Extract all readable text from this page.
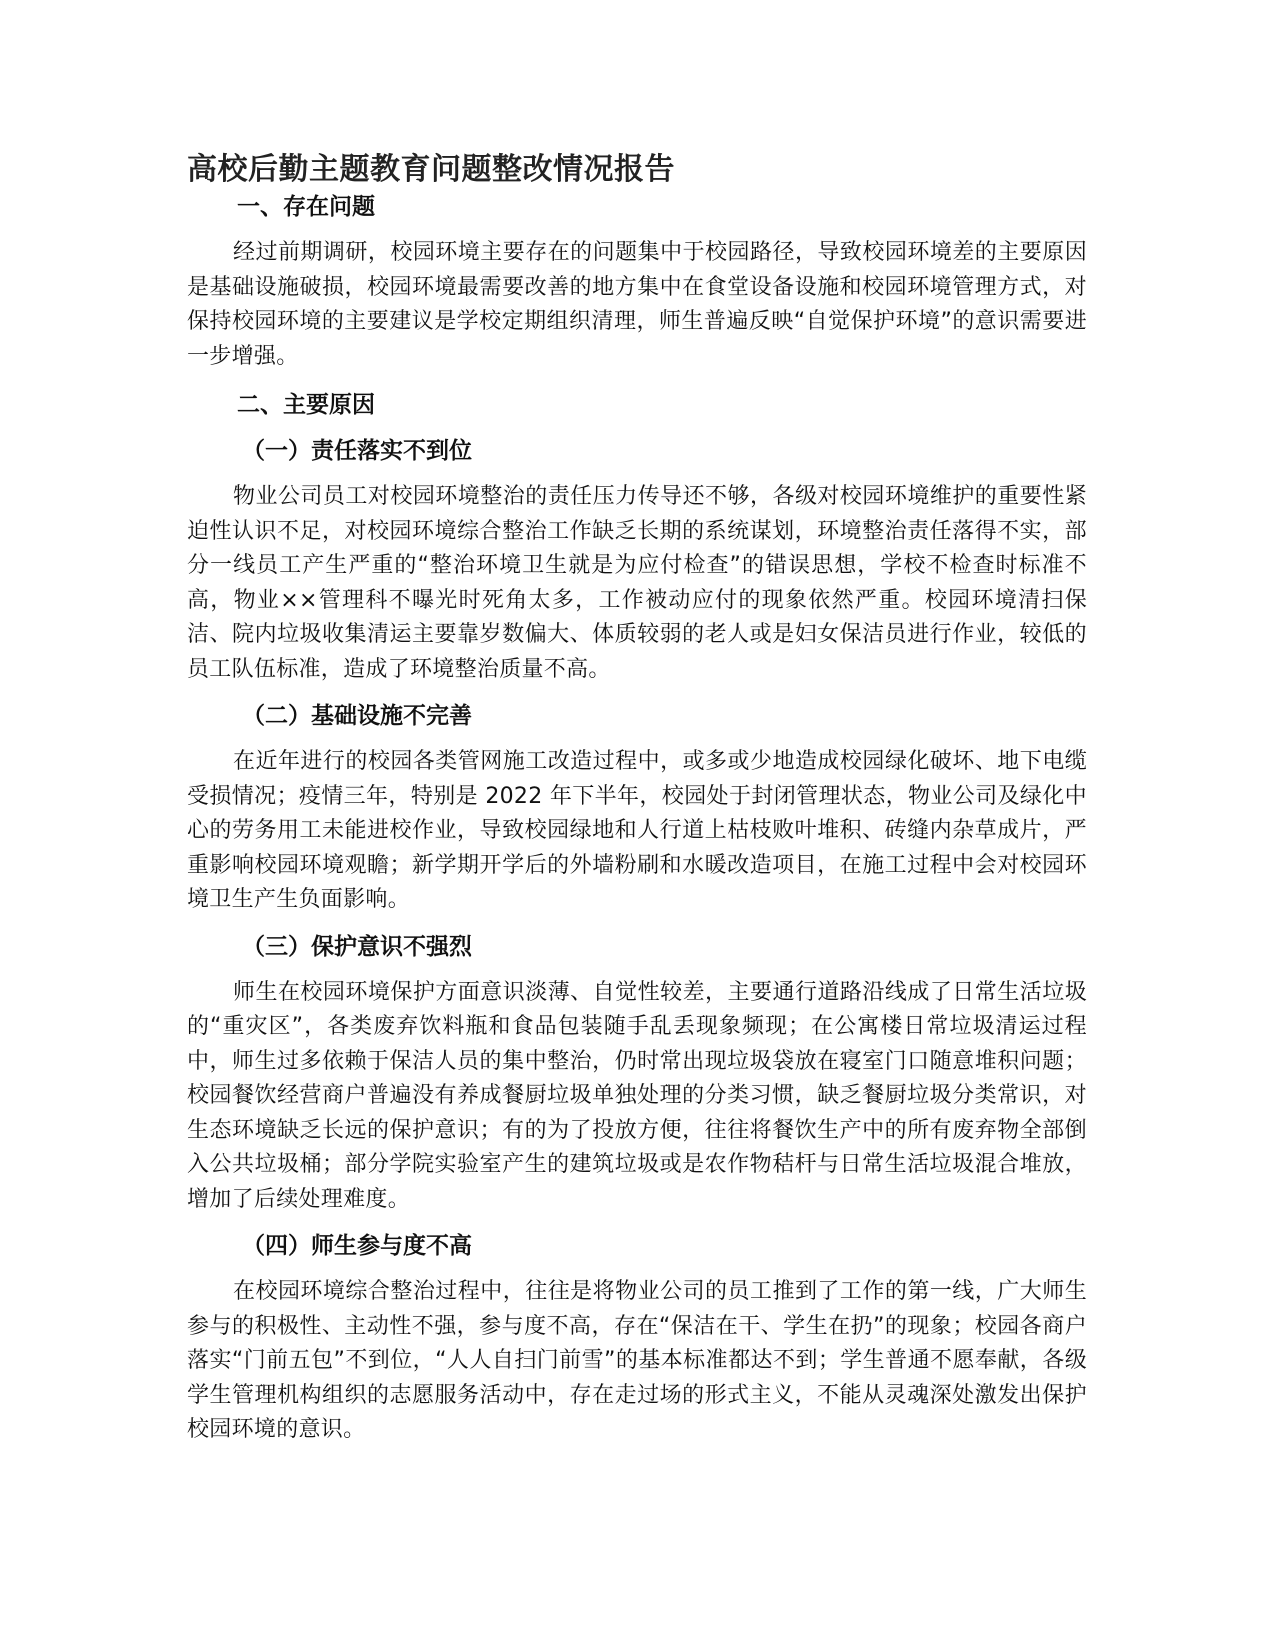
高校后勤主题教育问题整改情况报告
一、存在问题

经过前期调研，校园环境主要存在的问题集中于校园路径，导致校园环境差的主要原因是基础设施破损，校园环境最需要改善的地方集中在食堂设备设施和校园环境管理方式，对保持校园环境的主要建议是学校定期组织清理，师生普遍反映“自觉保护环境”的意识需要进一步增强。

二、主要原因
（一）责任落实不到位

物业公司员工对校园环境整治的责任压力传导还不够，各级对校园环境维护的重要性紧迫性认识不足，对校园环境综合整治工作缺乏长期的系统谋划，环境整治责任落得不实，部分一线员工产生严重的“整治环境卫生就是为应付检查”的错误思想，学校不检查时标准不高，物业××管理科不曝光时死角太多，工作被动应付的现象依然严重。校园环境清扫保洁、院内垃圾收集清运主要靠岁数偏大、体质较弱的老人或是妇女保洁员进行作业，较低的员工队伍标准，造成了环境整治质量不高。

（二）基础设施不完善

在近年进行的校园各类管网施工改造过程中，或多或少地造成校园绿化破坏、地下电缆受损情况；疫情三年，特别是 2022 年下半年，校园处于封闭管理状态，物业公司及绿化中心的劳务用工未能进校作业，导致校园绿地和人行道上枯枝败叶堆积、砖缝内杂草成片，严重影响校园环境观瞻；新学期开学后的外墙粉刷和水暖改造项目，在施工过程中会对校园环境卫生产生负面影响。

（三）保护意识不强烈

师生在校园环境保护方面意识淡薄、自觉性较差，主要通行道路沿线成了日常生活垃圾的“重灾区”，各类废弃饮料瓶和食品包装随手乱丢现象频现；在公寓楼日常垃圾清运过程中，师生过多依赖于保洁人员的集中整治，仍时常出现垃圾袋放在寝室门口随意堆积问题；校园餐饮经营商户普遍没有养成餐厨垃圾单独处理的分类习惯，缺乏餐厨垃圾分类常识，对生态环境缺乏长远的保护意识；有的为了投放方便，往往将餐饮生产中的所有废弃物全部倒入公共垃圾桶；部分学院实验室产生的建筑垃圾或是农作物秸杆与日常生活垃圾混合堆放，增加了后续处理难度。

（四）师生参与度不高

在校园环境综合整治过程中，往往是将物业公司的员工推到了工作的第一线，广大师生参与的积极性、主动性不强，参与度不高，存在“保洁在干、学生在扔”的现象；校园各商户落实“门前五包”不到位，“人人自扫门前雪”的基本标准都达不到；学生普通不愿奉献，各级学生管理机构组织的志愿服务活动中，存在走过场的形式主义，不能从灵魂深处激发出保护校园环境的意识。
